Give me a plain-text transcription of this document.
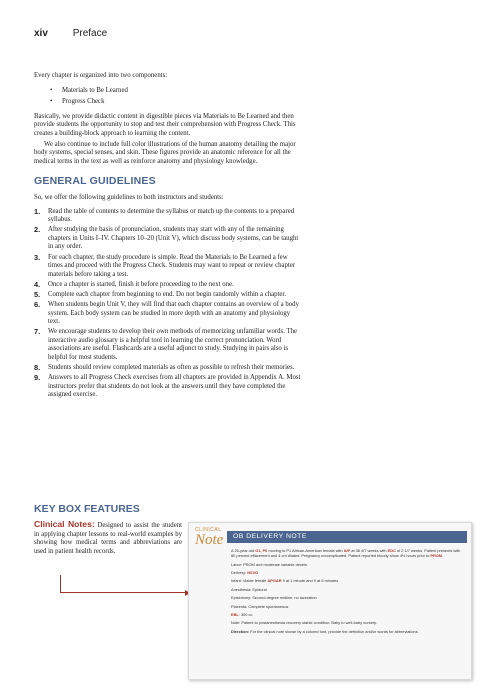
xiv Preface

Every chapter is organized into two components:

• Materials to Be Learned
• Progress Check

Basically, we provide didactic content in digestible pieces via Materials to Be Learned and then provide students the opportunity to stop and test their comprehension with Progress Check. This creates a building-block approach to learning the content.

We also continue to include full color illustrations of the human anatomy detailing the major body systems, special senses, and skin. These figures provide an anatomic reference for all the medical terms in the text as well as reinforce anatomy and physiology knowledge.

GENERAL GUIDELINES

So, we offer the following guidelines to both instructors and students:

1.	Read the table of contents to determine the syllabus or match up the contents to a prepared syllabus.
2.	After studying the basis of pronunciation, students may start with any of the remaining chapters in Units I–IV. Chapters 10–20 (Unit V), which discuss body systems, can be taught in any order.
3.	For each chapter, the study procedure is simple. Read the Materials to Be Learned a few times and proceed with the Progress Check. Students may want to repeat or review chapter materials before taking a test.
4.	Once a chapter is started, finish it before proceeding to the next one.
5.	Complete each chapter from beginning to end. Do not begin randomly within a chapter.
6.	When students begin Unit V, they will find that each chapter contains an overview of a body system. Each body system can be studied in more depth with an anatomy and physiology text.
7.	We encourage students to develop their own methods of memorizing unfamiliar words. The interactive audio glossary is a helpful tool in learning the correct pronunciation. Word associations are useful. Flashcards are a useful adjunct to study. Studying in pairs also is helpful for most students.
8.	Students should review completed materials as often as possible to refresh their memories.
9.	Answers to all Progress Check exercises from all chapters are provided in Appendix A. Most instructors prefer that students do not look at the answers until they have completed the assigned exercise.
KEY BOX FEATURES
Clinical Notes: Designed to assist the student in applying chapter lessons to real-world examples by showing how medical terms and abbreviations are used in patient health records.
CLINICAL
Note	OB DELIVERY NOTE

A 25-year-old G1, P0 moving to P1 African-American female with IUP at 36 4/7 weeks with EDC of 2 1/7 weeks. Patient presents with 80 percent effacement and 4 cm dilated. Pregnancy uncomplicated. Patient reported bloody show 4½ hours prior to PROM.

Labor: PROM and moderate variable decels

Delivery: NSVD

Infant: Viable female APGAR 9 at 1 minute and 9 at 5 minutes

Anesthesia: Epidural

Episiotomy: Second-degree midline, no laceration

Placenta: Complete spontaneous

EBL: 300 cc

Note: Patient to postanesthesia recovery stable condition. Baby to well-baby nursery.

Direction: For the clinical note shown by a colored font, provide the definition and/or words for abbreviations.
